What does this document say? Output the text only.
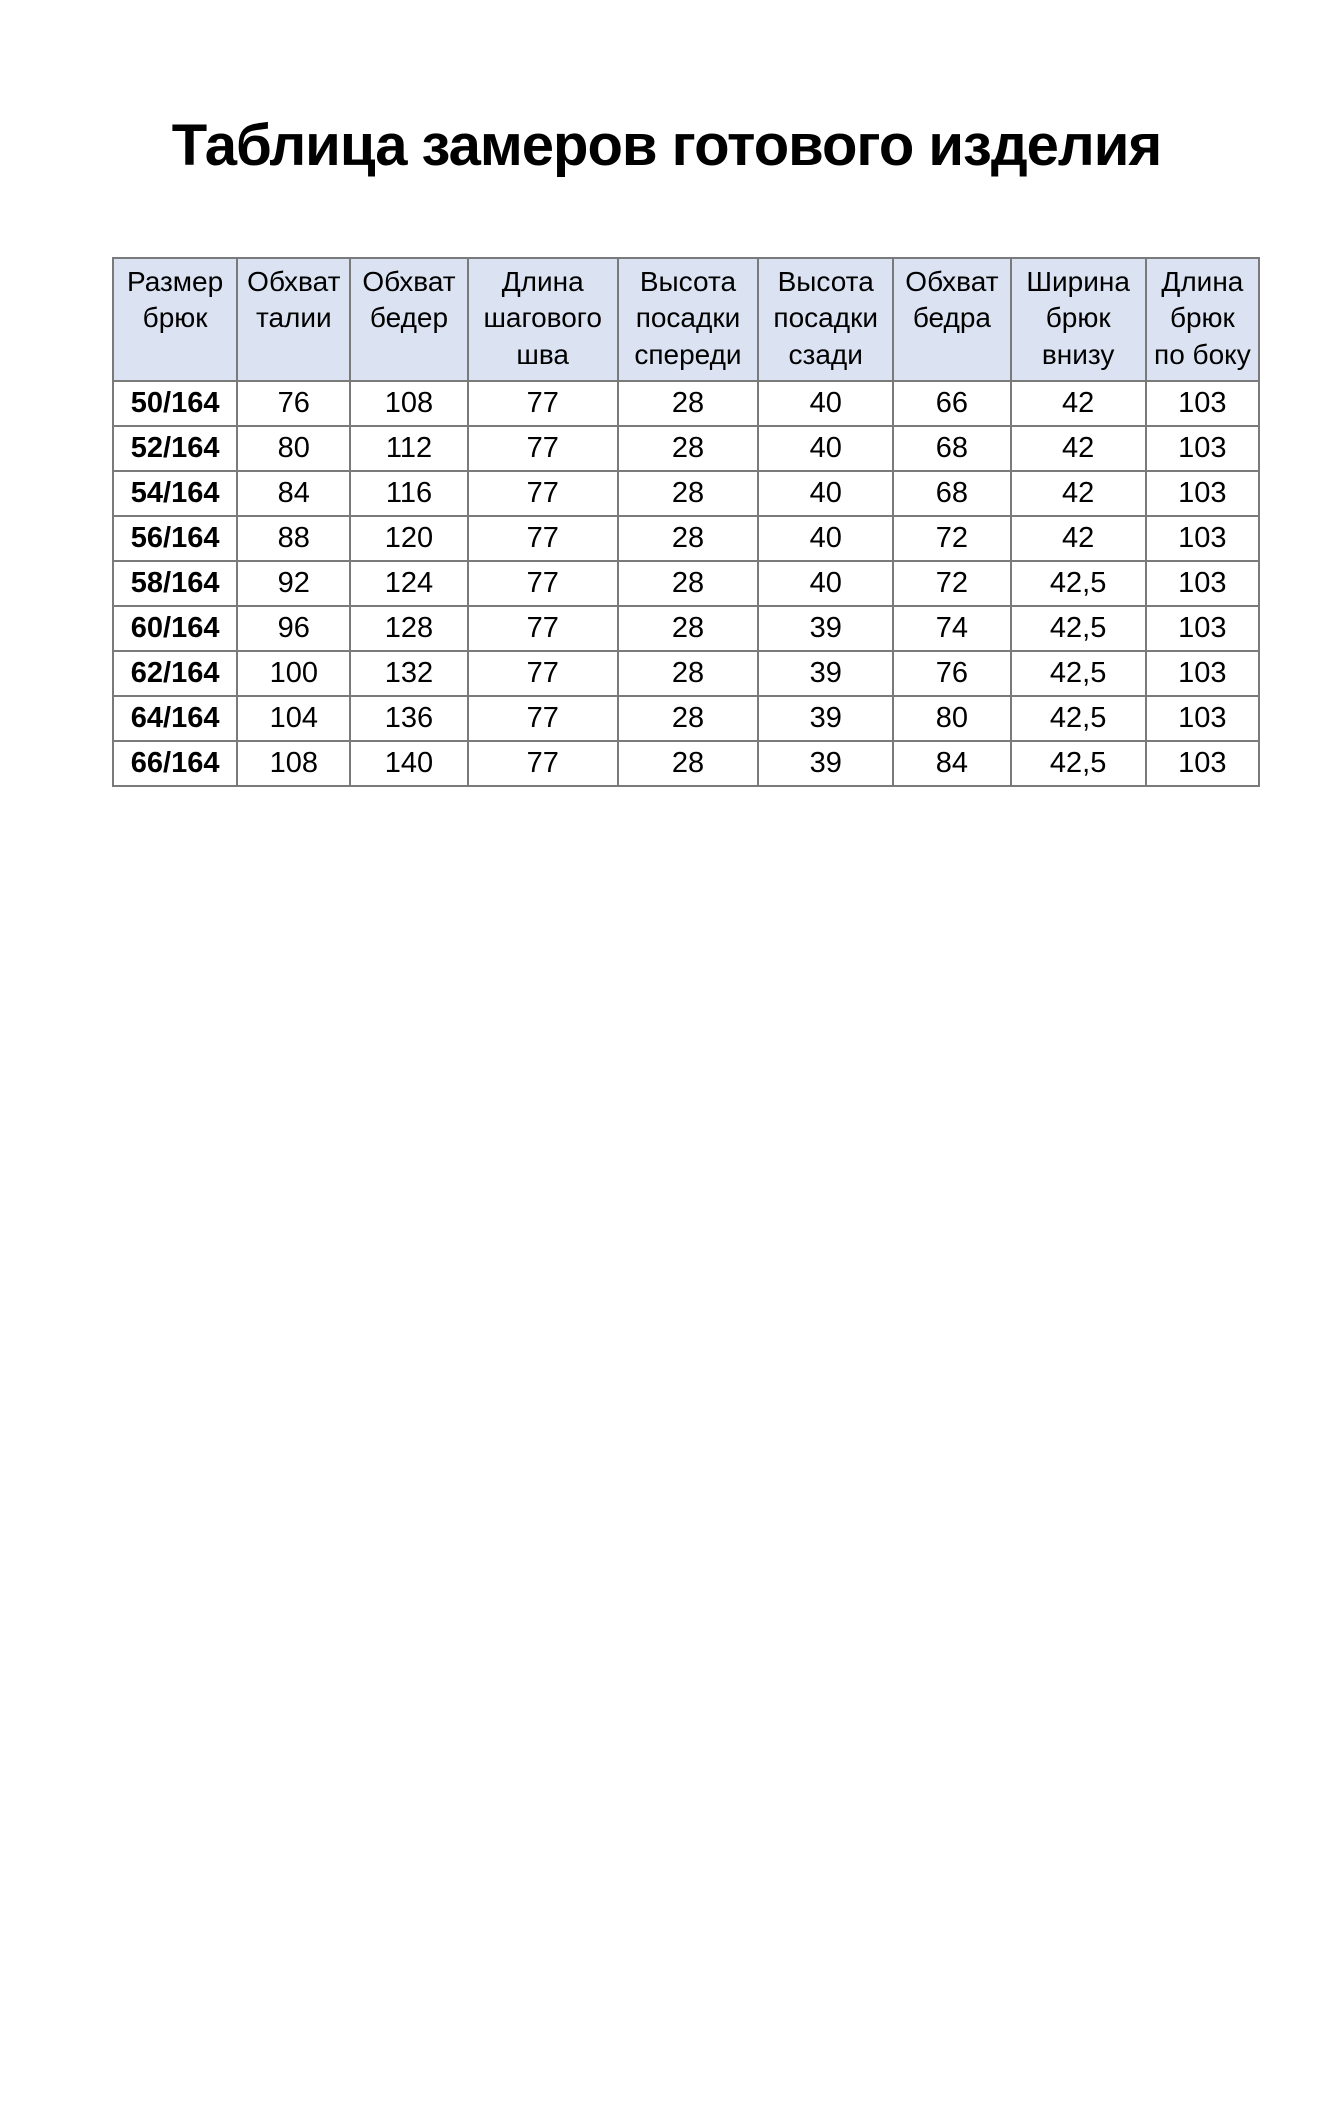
Таблица замеров готового изделия
Размер брюк	Обхват талии	Обхват бедер	Длина шагового шва	Высота посадки спереди	Высота посадки сзади	Обхват бедра	Ширина брюк внизу	Длина брюк по боку
50/164	76	108	77	28	40	66	42	103
52/164	80	112	77	28	40	68	42	103
54/164	84	116	77	28	40	68	42	103
56/164	88	120	77	28	40	72	42	103
58/164	92	124	77	28	40	72	42,5	103
60/164	96	128	77	28	39	74	42,5	103
62/164	100	132	77	28	39	76	42,5	103
64/164	104	136	77	28	39	80	42,5	103
66/164	108	140	77	28	39	84	42,5	103
